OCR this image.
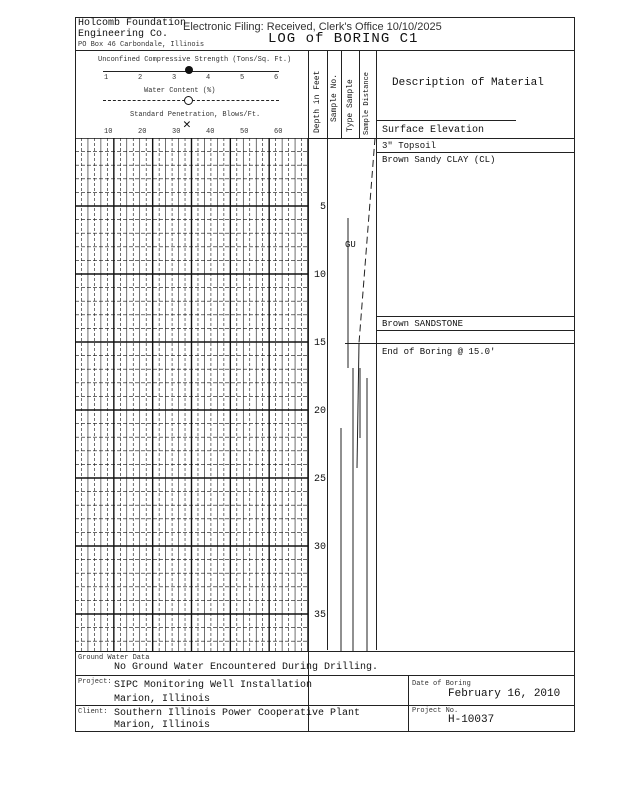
Electronic Filing: Received, Clerk's Office 10/10/2025
Holcomb Foundation
Engineering Co.
PO Box 46 Carbondale, Illinois	LOG of BORING C1
Unconfined Compressive Strength (Tons/Sq. Ft.)
1	2	3	4	5	6
Water Content (%)
Standard Penetration, Blows/Ft.
✕
10	20	30	40	50	60	Depth in Feet Sample No. Type Sample Sample Distance Description of Material
Surface Elevation
3" Topsoil
Brown Sandy CLAY (CL)
Brown SANDSTONE
End of Boring @ 15.0'
GU
5
10
15
20
25
30
35
Ground Water Data
No Ground Water Encountered During Drilling.
Project: SIPC Monitoring Well Installation
Marion, Illinois
Client: Southern Illinois Power Cooperative Plant
Marion, Illinois
Date of Boring
February 16, 2010
Project No.
H-10037
